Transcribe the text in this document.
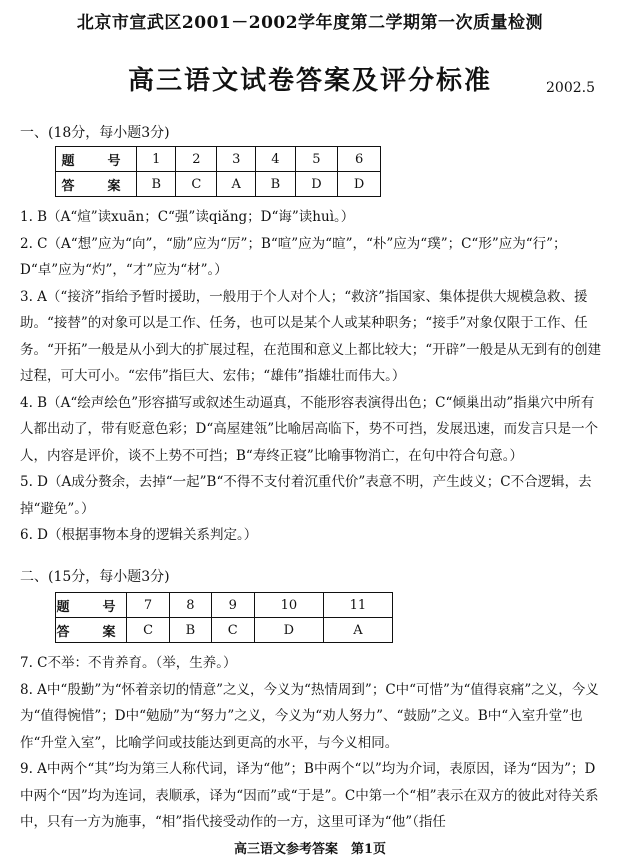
北京市宣武区2001－2002学年度第二学期第一次质量检测
高三语文试卷答案及评分标准	2002.5
一、(18分，每小题3分)
题　号	1	2	3	4	5	6
答　案	B	C	A	B	D	D
1. B（A“煊”读xuān；C“强”读qiǎng；D“诲”读huì。）
2. C（A“想”应为“向”，“励”应为“厉”；B“喧”应为“暄”，“朴”应为“璞”；C“形”应为“行”；D“卓”应为“灼”，“才”应为“材”。）
3. A（“接济”指给予暂时援助，一般用于个人对个人；“救济”指国家、集体提供大规模急救、援助。“接替”的对象可以是工作、任务，也可以是某个人或某种职务；“接手”对象仅限于工作、任务。“开拓”一般是从小到大的扩展过程，在范围和意义上都比较大；“开辟”一般是从无到有的创建过程，可大可小。“宏伟”指巨大、宏伟；“雄伟”指雄壮而伟大。）
4. B（A“绘声绘色”形容描写或叙述生动逼真，不能形容表演得出色；C“倾巢出动”指巢穴中所有人都出动了，带有贬意色彩；D“高屋建瓴”比喻居高临下，势不可挡，发展迅速，而发言只是一个人，内容是评价，谈不上势不可挡；B“寿终正寝”比喻事物消亡，在句中符合句意。）
5. D（A成分赘余，去掉“一起”B“不得不支付着沉重代价”表意不明，产生歧义；C不合逻辑，去掉“避免”。）
6. D（根据事物本身的逻辑关系判定。）
二、(15分，每小题3分)
题　号	7	8	9	10	11
答　案	C	B	C	D	A
7. C不举：不肯养育。（举，生养。）
8. A中“殷勤”为“怀着亲切的情意”之义，今义为“热情周到”；C中“可惜”为“值得哀痛”之义，今义为“值得惋惜”；D中“勉励”为“努力”之义，今义为“劝人努力”、“鼓励”之义。B中“入室升堂”也作“升堂入室”，比喻学问或技能达到更高的水平，与今义相同。
9. A中两个“其”均为第三人称代词，译为“他”；B中两个“以”均为介词，表原因，译为“因为”；D中两个“因”均为连词，表顺承，译为“因而”或“于是”。C中第一个“相”表示在双方的彼此对待关系中，只有一方为施事，“相”指代接受动作的一方，这里可译为“他”（指任
高三语文参考答案　第1页
